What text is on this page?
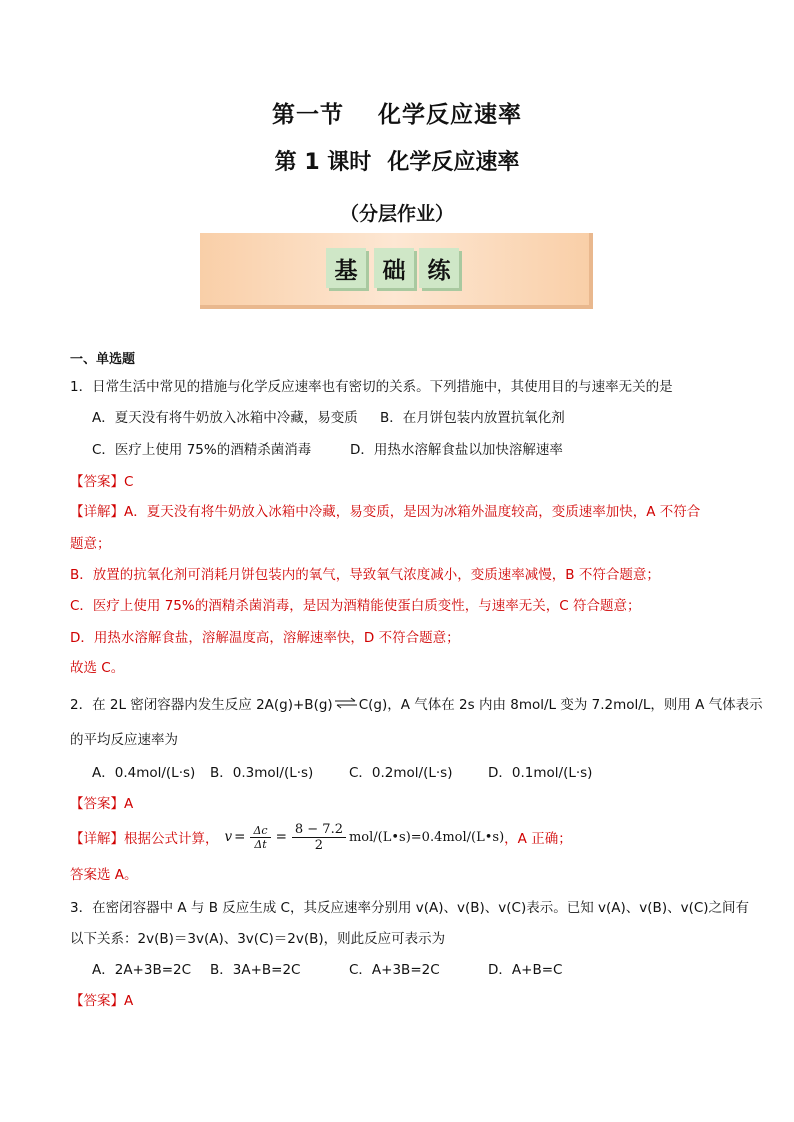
第一节 化学反应速率
第 1 课时 化学反应速率
（分层作业）
基	础 练
一、单选题
1．日常生活中常见的措施与化学反应速率也有密切的关系。下列措施中，其使用目的与速率无关的是
A．夏天没有将牛奶放入冰箱中冷藏，易变质 B．在月饼包装内放置抗氧化剂
C．医疗上使用 75%的酒精杀菌消毒	D．用热水溶解食盐以加快溶解速率
【答案】C
【详解】A．夏天没有将牛奶放入冰箱中冷藏，易变质，是因为冰箱外温度较高，变质速率加快，A 不符合
题意；
B．放置的抗氧化剂可消耗月饼包装内的氧气，导致氧气浓度减小，变质速率减慢，B 不符合题意；
C．医疗上使用 75%的酒精杀菌消毒，是因为酒精能使蛋白质变性，与速率无关，C 符合题意；
D．用热水溶解食盐，溶解温度高，溶解速率快，D 不符合题意；
故选 C。
2．在 2L 密闭容器内发生反应 2A(g)+B(g)⇌C(g)，A 气体在 2s 内由 8mol/L 变为 7.2mol/L，则用 A 气体表示
的平均反应速率为
A．0.4mol/(L·s) B．0.3mol/(L·s)	C．0.2mol/(L·s)	D．0.1mol/(L·s)
【答案】A
【详解】 根据公式计算， $v = \frac{\Delta c}{\Delta t} = \frac{8 - 7.2}{2}$ mol/(L•s)=0.4mol/(L•s) ，A 正确；
答案选 A。
3．在密闭容器中 A 与 B 反应生成 C，其反应速率分别用 v(A)、v(B)、v(C)表示。已知 v(A)、v(B)、v(C)之间有
以下关系：2v(B)＝3v(A)、3v(C)＝2v(B)，则此反应可表示为
A．2A+3B=2C B．3A+B=2C	C．A+3B=2C	D．A+B=C
【答案】A
